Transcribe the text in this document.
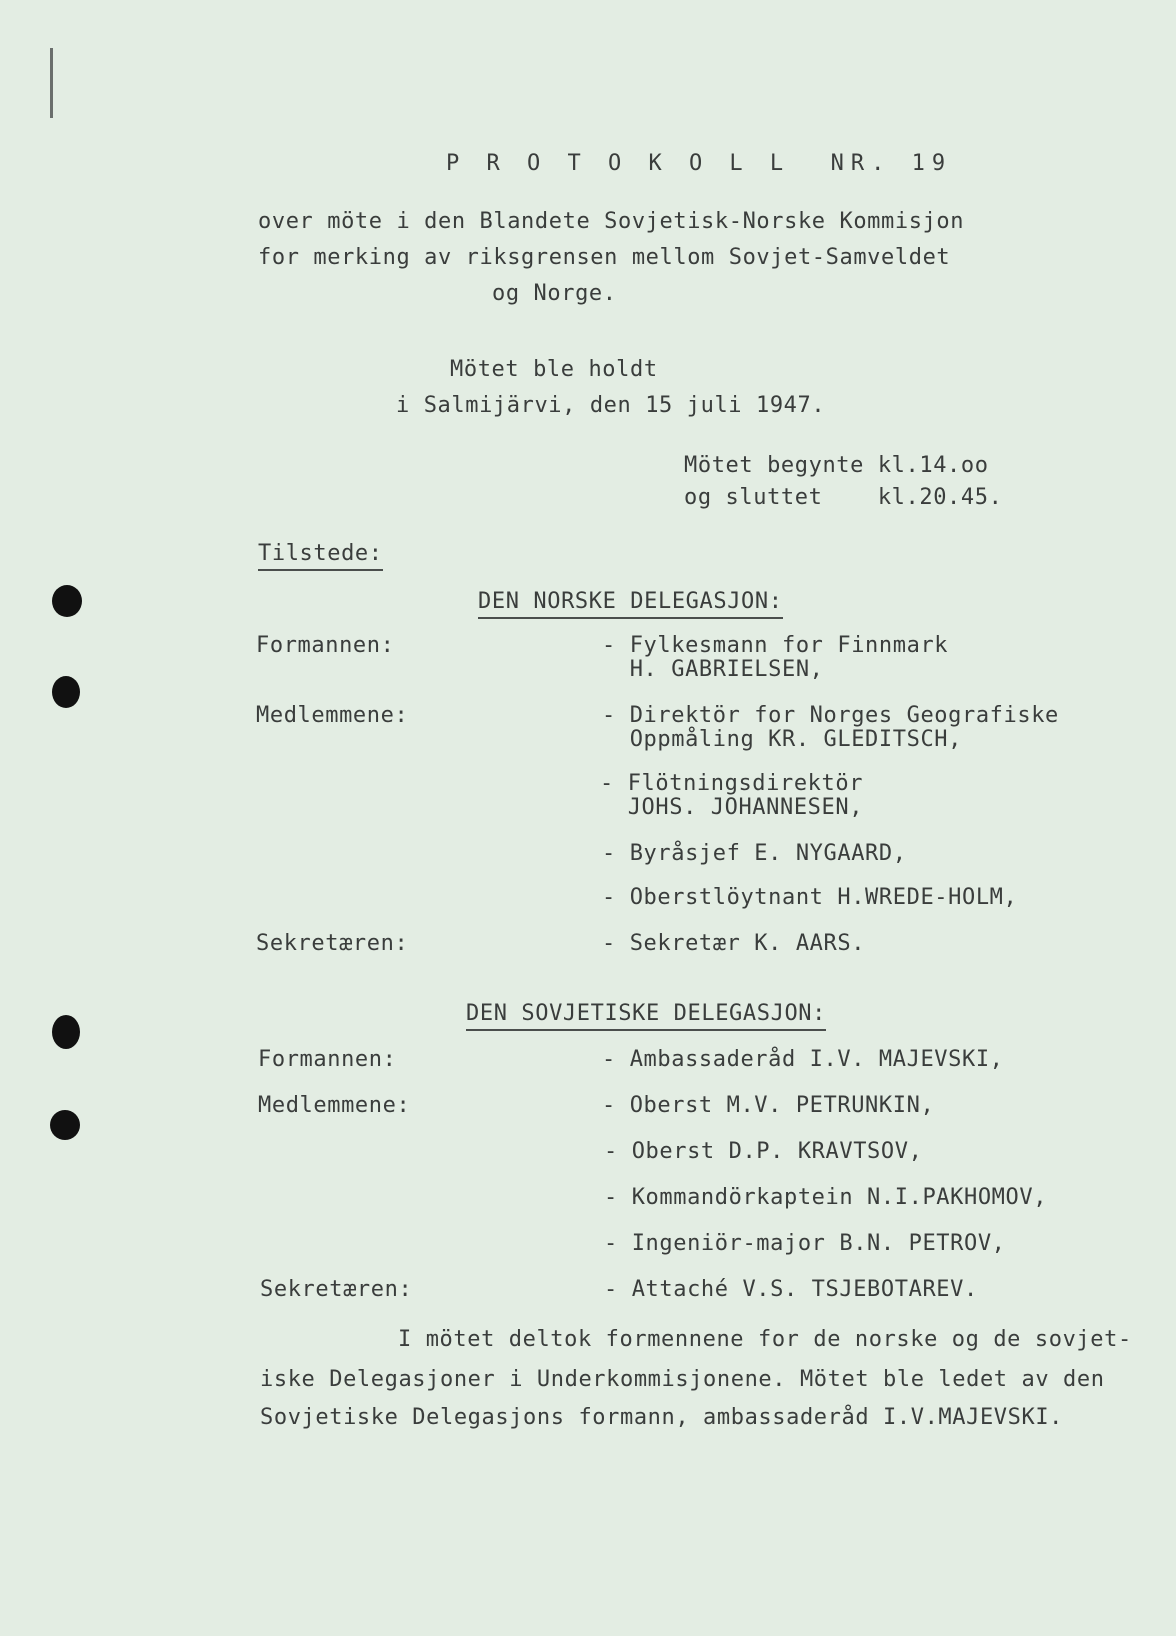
P R O T O K O L L  NR. 19
over möte i den Blandete Sovjetisk-Norske Kommisjon
for merking av riksgrensen mellom Sovjet-Samveldet
og Norge.
Mötet ble holdt
i Salmijärvi, den 15 juli 1947.
Mötet begynte kl.14.oo
og sluttet    kl.20.45.
Tilstede:
DEN NORSKE DELEGASJON:
Formannen:	- Fylkesmann for Finnmark
H. GABRIELSEN,
Medlemmene:	- Direktör for Norges Geografiske
Oppmåling KR. GLEDITSCH,
- Flötningsdirektör
JOHS. JOHANNESEN,
- Byråsjef E. NYGAARD,
- Oberstlöytnant H.WREDE-HOLM,
Sekretæren:	- Sekretær K. AARS.
DEN SOVJETISKE DELEGASJON:
Formannen:	- Ambassaderåd I.V. MAJEVSKI,
Medlemmene:	- Oberst M.V. PETRUNKIN,
- Oberst D.P. KRAVTSOV,
- Kommandörkaptein N.I.PAKHOMOV,
- Ingeniör-major B.N. PETROV,
Sekretæren:	- Attaché V.S. TSJEBOTAREV.
I mötet deltok formennene for de norske og de sovjet-
iske Delegasjoner i Underkommisjonene. Mötet ble ledet av den
Sovjetiske Delegasjons formann, ambassaderåd I.V.MAJEVSKI.
